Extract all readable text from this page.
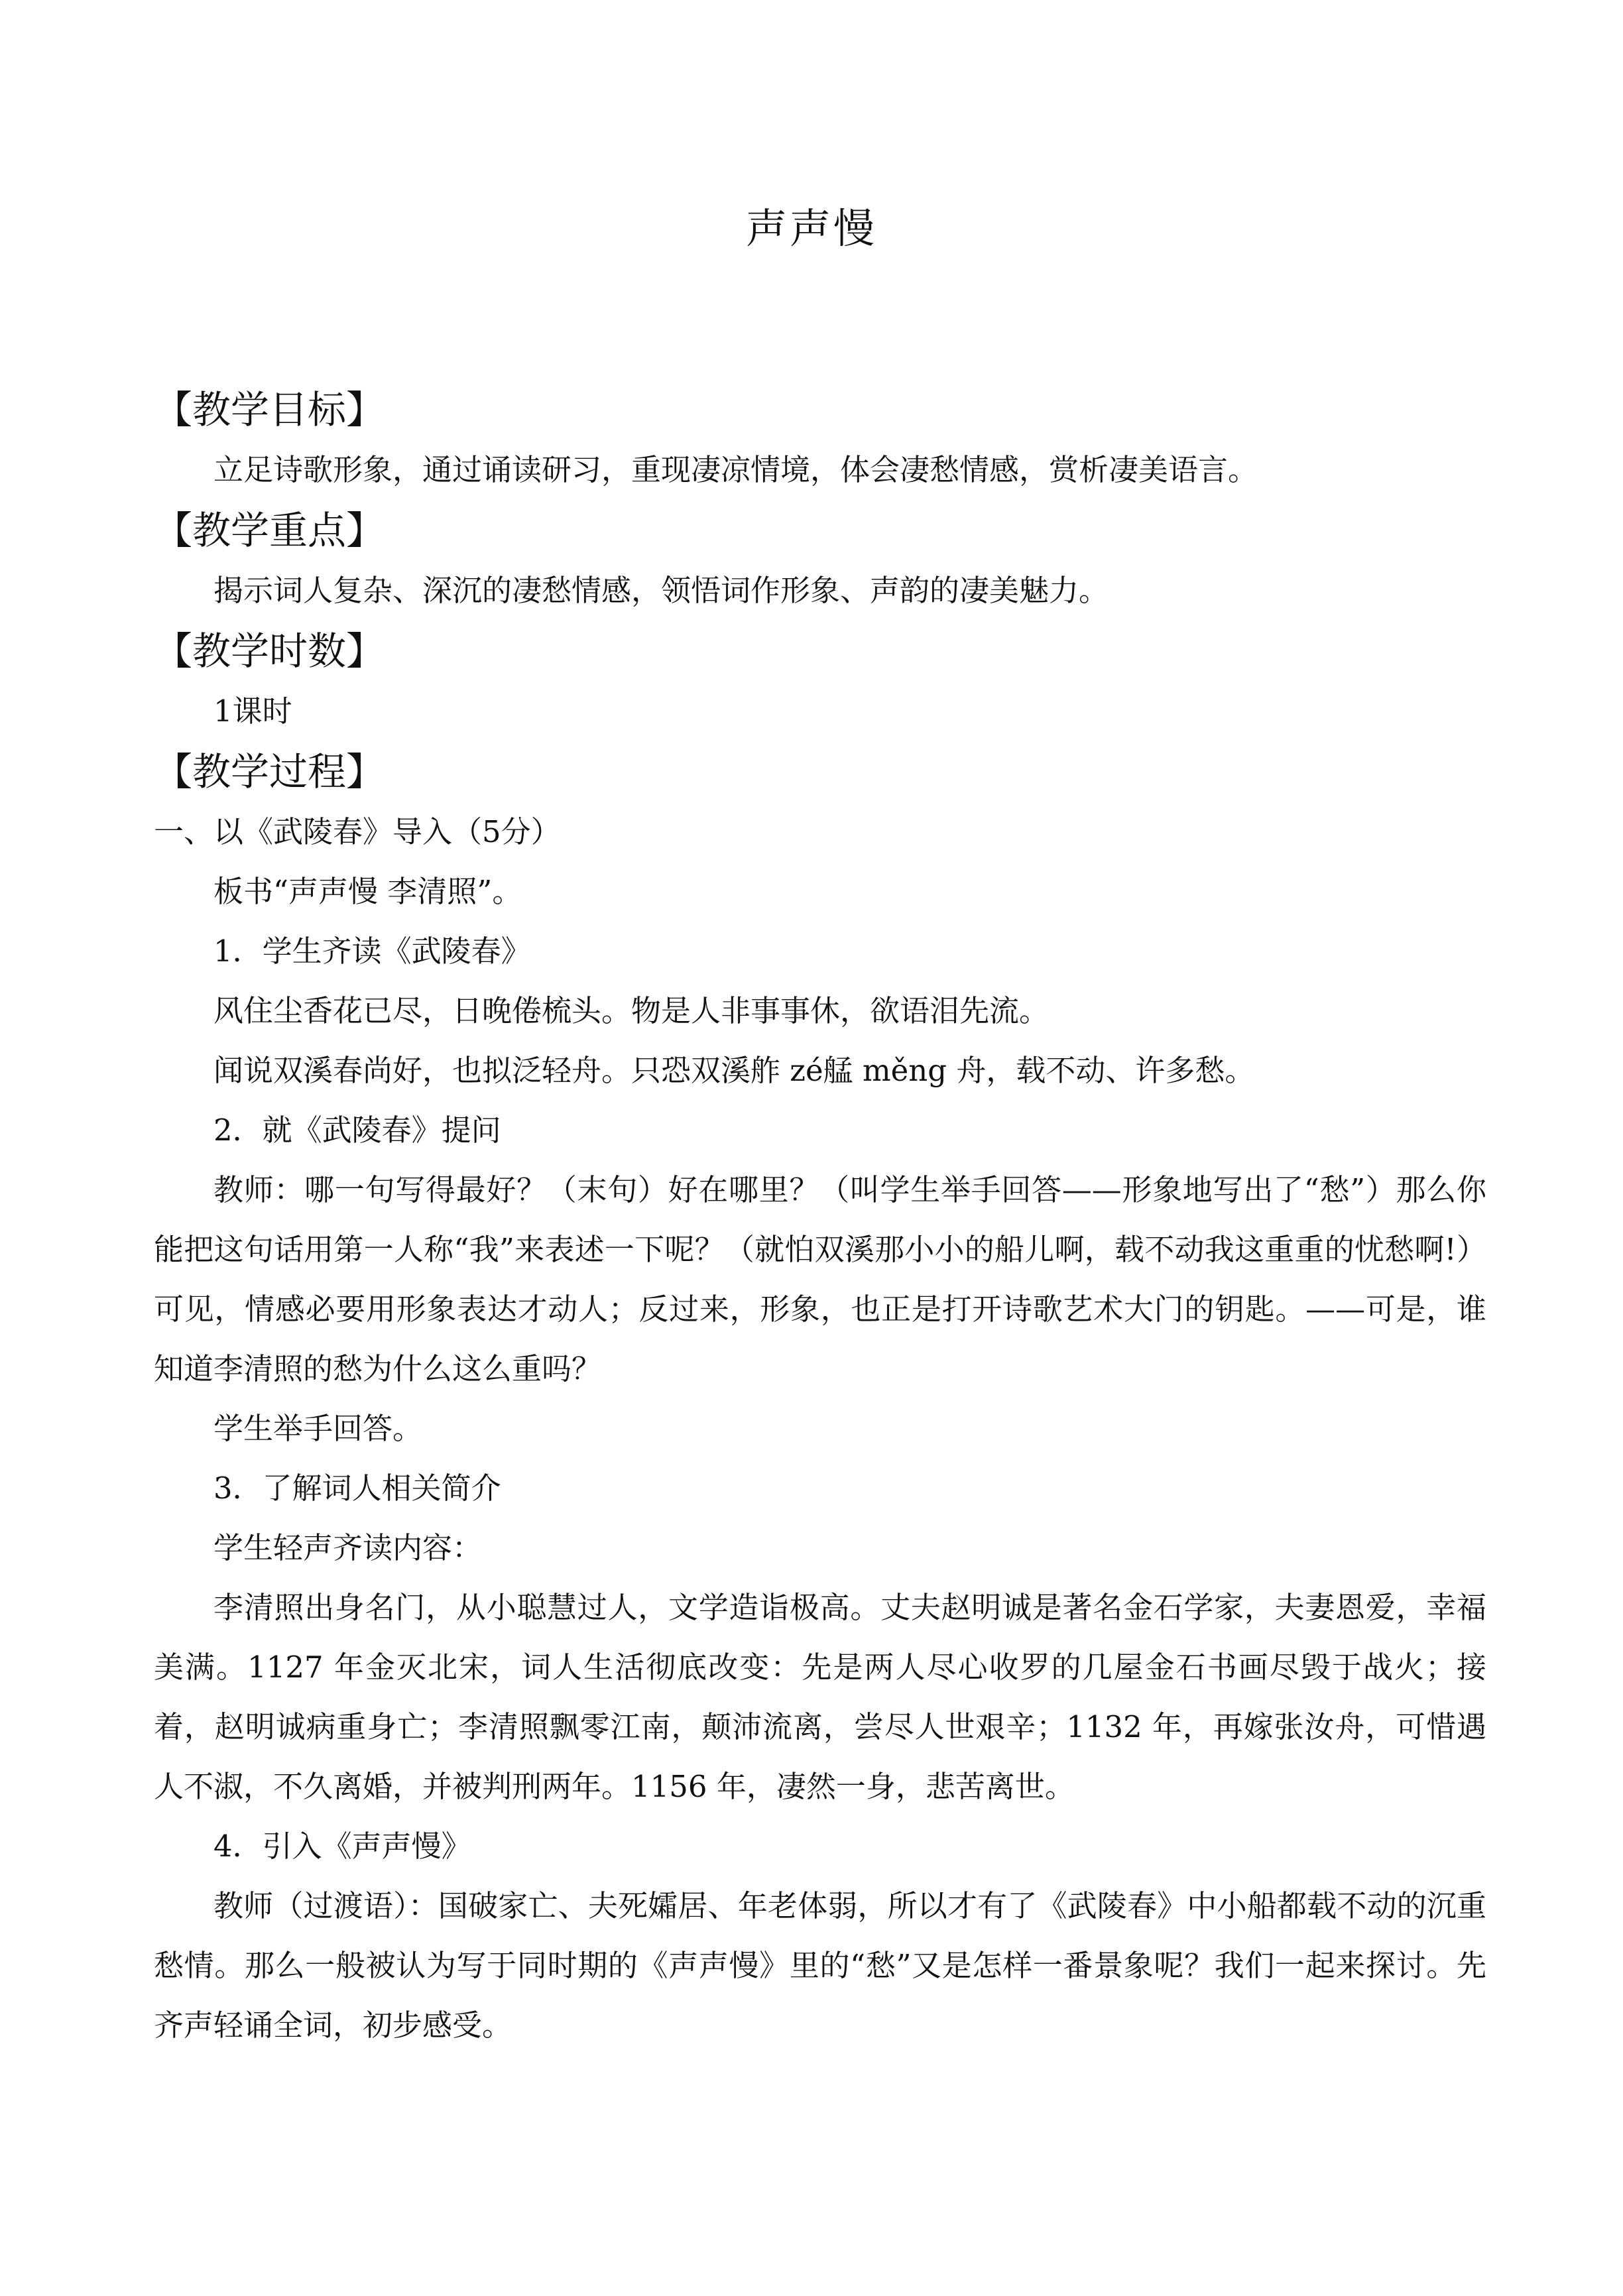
声声慢
【教学目标】
立足诗歌形象，通过诵读研习，重现凄凉情境，体会凄愁情感，赏析凄美语言。
【教学重点】
揭示词人复杂、深沉的凄愁情感，领悟词作形象、声韵的凄美魅力。
【教学时数】
1课时
【教学过程】
一、以《武陵春》导入（5分）
板书“声声慢 李清照”。
1．学生齐读《武陵春》
风住尘香花已尽，日晚倦梳头。物是人非事事休，欲语泪先流。
闻说双溪春尚好，也拟泛轻舟。只恐双溪舴 zé艋 měng 舟，载不动、许多愁。
2．就《武陵春》提问
教师：哪一句写得最好？（末句）好在哪里？（叫学生举手回答——形象地写出了“愁”）那么你能把这句话用第一人称“我”来表述一下呢？（就怕双溪那小小的船儿啊，载不动我这重重的忧愁啊!）可见，情感必要用形象表达才动人；反过来，形象，也正是打开诗歌艺术大门的钥匙。——可是，谁知道李清照的愁为什么这么重吗？
学生举手回答。
3．了解词人相关简介
学生轻声齐读内容：
李清照出身名门，从小聪慧过人，文学造诣极高。丈夫赵明诚是著名金石学家，夫妻恩爱，幸福美满。1127 年金灭北宋，词人生活彻底改变：先是两人尽心收罗的几屋金石书画尽毁于战火；接着，赵明诚病重身亡；李清照飘零江南，颠沛流离，尝尽人世艰辛；1132 年，再嫁张汝舟，可惜遇人不淑，不久离婚，并被判刑两年。1156 年，凄然一身，悲苦离世。
4．引入《声声慢》
教师（过渡语）：国破家亡、夫死孀居、年老体弱，所以才有了《武陵春》中小船都载不动的沉重愁情。那么一般被认为写于同时期的《声声慢》里的“愁”又是怎样一番景象呢？我们一起来探讨。先齐声轻诵全词，初步感受。
